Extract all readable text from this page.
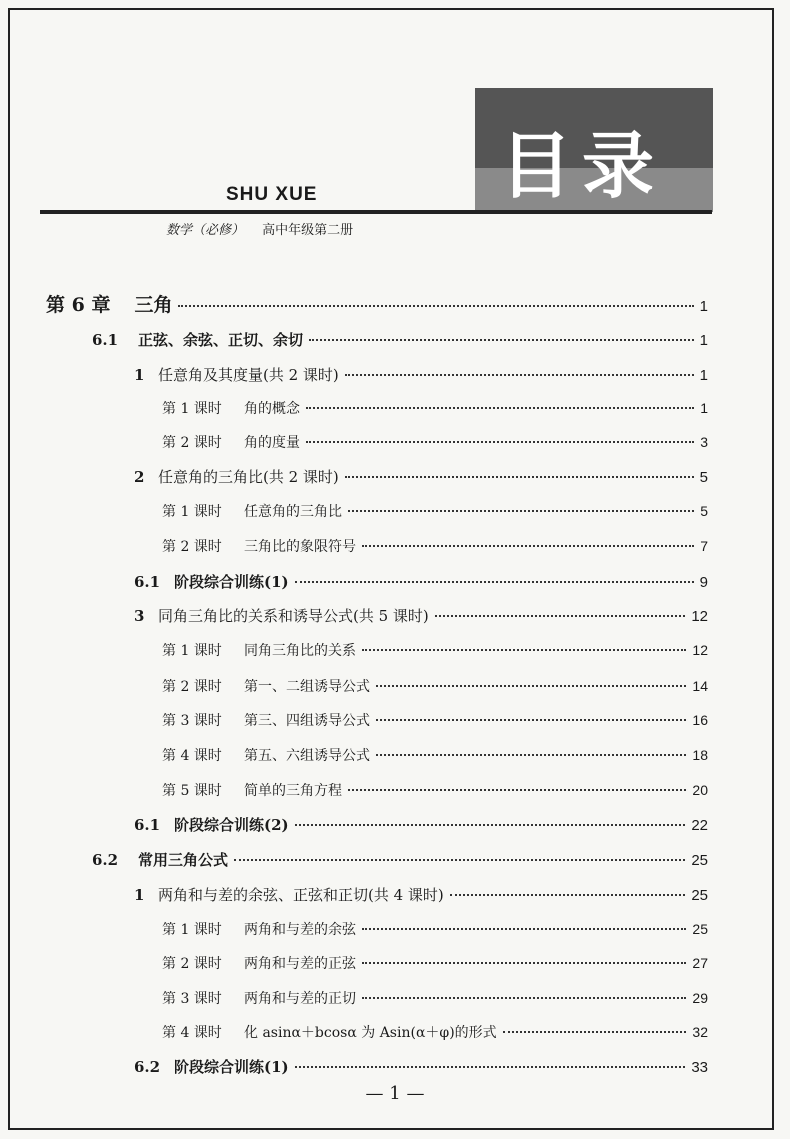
目录
SHU XUE
数学（必修） 高中年级第二册
第 6 章 三角	1
6.1 正弦、余弦、正切、余切	1
1 任意角及其度量(共 2 课时)	1
第 1 课时 角的概念	1
第 2 课时 角的度量	3
2 任意角的三角比(共 2 课时)	5
第 1 课时 任意角的三角比	5
第 2 课时 三角比的象限符号	7
6.1 阶段综合训练(1)	9
3 同角三角比的关系和诱导公式(共 5 课时)	12
第 1 课时 同角三角比的关系	12
第 2 课时 第一、二组诱导公式	14
第 3 课时 第三、四组诱导公式	16
第 4 课时 第五、六组诱导公式	18
第 5 课时 简单的三角方程	20
6.1 阶段综合训练(2)	22
6.2 常用三角公式	25
1 两角和与差的余弦、正弦和正切(共 4 课时)	25
第 1 课时 两角和与差的余弦	25
第 2 课时 两角和与差的正弦	27
第 3 课时 两角和与差的正切	29
第 4 课时 化 asinα＋bcosα 为 Asin(α＋φ)的形式	32
6.2 阶段综合训练(1)	33
— 1 —
